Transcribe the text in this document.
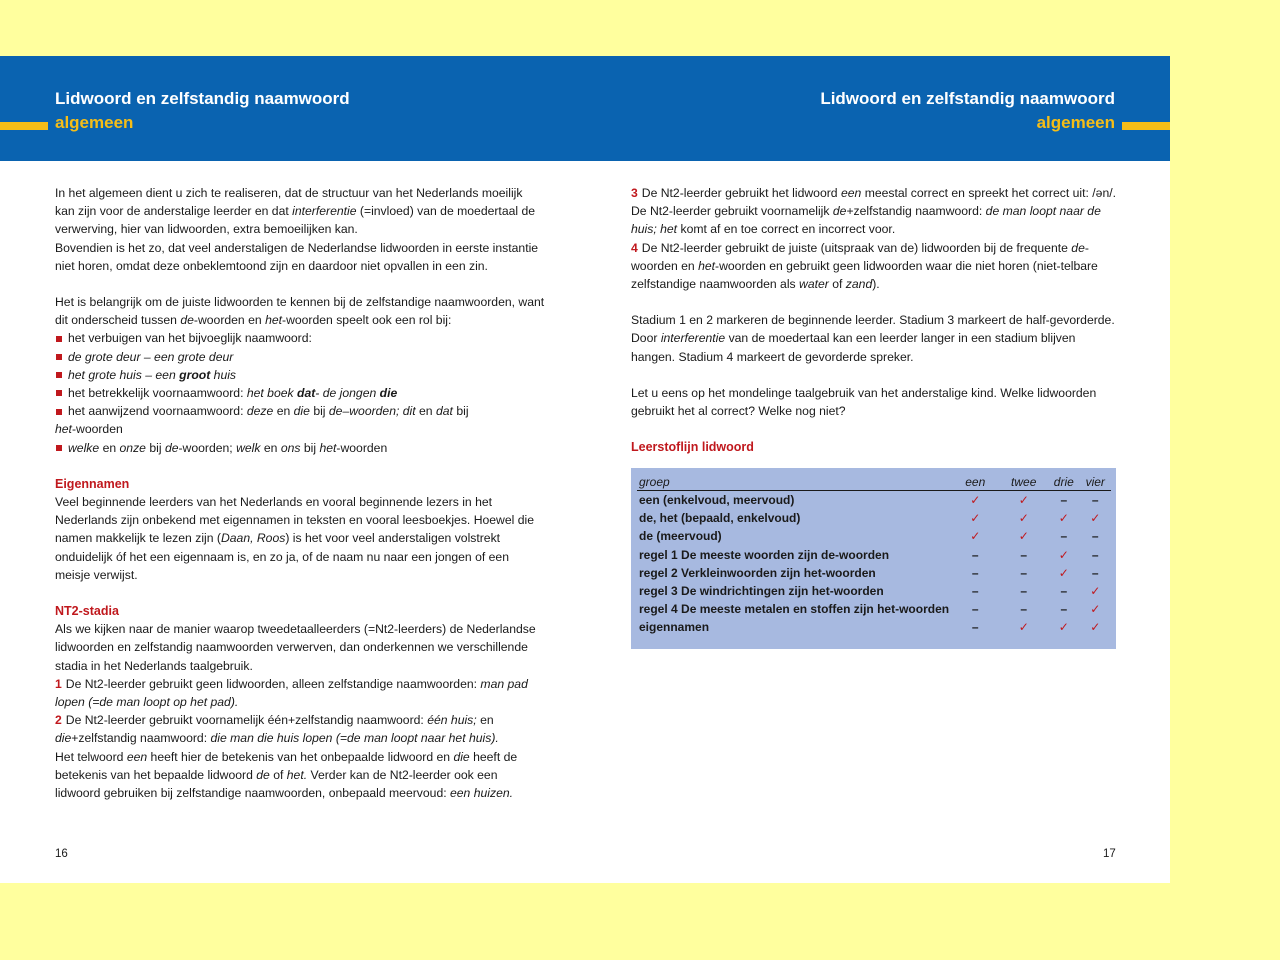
Lidwoord en zelfstandig naamwoord
algemeen
Lidwoord en zelfstandig naamwoord
algemeen

In het algemeen dient u zich te realiseren, dat de structuur van het Nederlands moeilijk kan zijn voor de anderstalige leerder en dat interferentie (=invloed) van de moedertaal de verwerving, hier van lidwoorden, extra bemoeilijken kan.
Bovendien is het zo, dat veel anderstaligen de Nederlandse lidwoorden in eerste instantie niet horen, omdat deze onbeklemtoond zijn en daardoor niet opvallen in een zin.

Het is belangrijk om de juiste lidwoorden te kennen bij de zelfstandige naamwoorden, want dit onderscheid tussen de-woorden en het-woorden speelt ook een rol bij:

het verbuigen van het bijvoeglijk naamwoord:

de grote deur – een grote deur

het grote huis – een groot huis

het betrekkelijk voornaamwoord: het boek dat- de jongen die

het aanwijzend voornaamwoord: deze en die bij de–woorden; dit en dat bij
het-woorden

welke en onze bij de-woorden; welk en ons bij het-woorden

Eigennamen

Veel beginnende leerders van het Nederlands en vooral beginnende lezers in het Nederlands zijn onbekend met eigennamen in teksten en vooral leesboekjes. Hoewel die namen makkelijk te lezen zijn (Daan, Roos) is het voor veel anderstaligen volstrekt onduidelijk óf het een eigennaam is, en zo ja, of de naam nu naar een jongen of een meisje verwijst.

NT2-stadia

Als we kijken naar de manier waarop tweedetaalleerders (=Nt2-leerders) de Nederlandse lidwoorden en zelfstandig naamwoorden verwerven, dan onderkennen we verschillende stadia in het Nederlands taalgebruik.

1 De Nt2-leerder gebruikt geen lidwoorden, alleen zelfstandige naamwoorden: man pad lopen (=de man loopt op het pad).

2 De Nt2-leerder gebruikt voornamelijk één+zelfstandig naamwoord: één huis; en
die+zelfstandig naamwoord: die man die huis lopen (=de man loopt naar het huis).
Het telwoord een heeft hier de betekenis van het onbepaalde lidwoord en die heeft de betekenis van het bepaalde lidwoord de of het. Verder kan de Nt2-leerder ook een lidwoord gebruiken bij zelfstandige naamwoorden, onbepaald meervoud: een huizen.

16

3 De Nt2-leerder gebruikt het lidwoord een meestal correct en spreekt het correct uit: /ən/. De Nt2-leerder gebruikt voornamelijk de+zelfstandig naamwoord: de man loopt naar de huis; het komt af en toe correct en incorrect voor.

4 De Nt2-leerder gebruikt de juiste (uitspraak van de) lidwoorden bij de frequente de-woorden en het-woorden en gebruikt geen lidwoorden waar die niet horen (niet-telbare zelfstandige naamwoorden als water of zand).

Stadium 1 en 2 markeren de beginnende leerder. Stadium 3 markeert de half-gevorderde. Door interferentie van de moedertaal kan een leerder langer in een stadium blijven hangen. Stadium 4 markeert de gevorderde spreker.

Let u eens op het mondelinge taalgebruik van het anderstalige kind. Welke lidwoorden gebruikt het al correct? Welke nog niet?

Leerstoflijn lidwoord
groep	een	twee	drie	vier
een (enkelvoud, meervoud)	✓	✓	–	–
de, het (bepaald, enkelvoud)	✓	✓	✓	✓
de (meervoud)	✓	✓	–	–
regel 1 De meeste woorden zijn de-woorden	–	–	✓	–
regel 2 Verkleinwoorden zijn het-woorden	–	–	✓	–
regel 3 De windrichtingen zijn het-woorden	–	–	–	✓
regel 4 De meeste metalen en stoffen zijn het-woorden	–	–	–	✓
eigennamen	–	✓	✓	✓
17
